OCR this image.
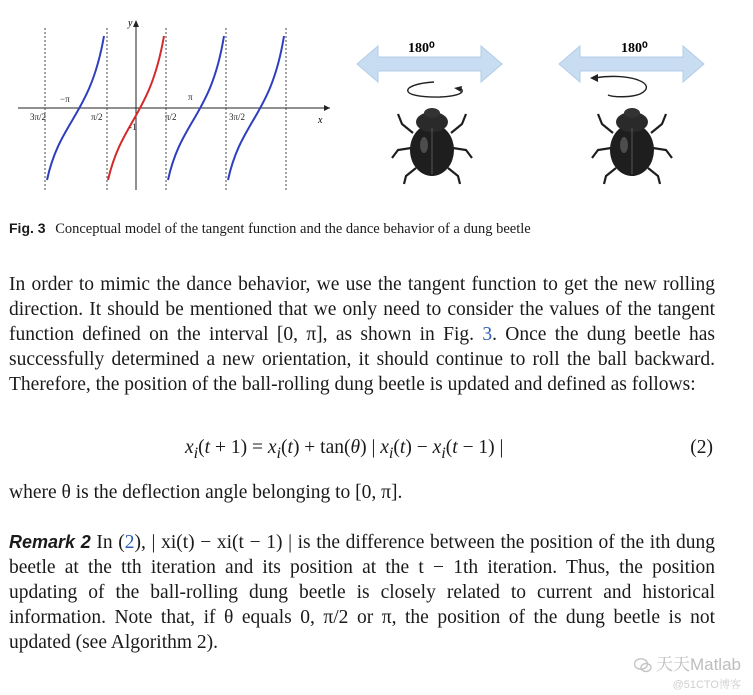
x
y
3π/2
−π
π/2
-1
π
π/2	3π/2
180⁰	180⁰
Fig. 3 Conceptual model of the tangent function and the dance behavior of a dung beetle

In order to mimic the dance behavior, we use the tangent function to get the new rolling direction. It should be mentioned that we only need to consider the values of the tangent function defined on the interval [0, π], as shown in Fig. 3. Once the dung beetle has successfully determined a new orientation, it should continue to roll the ball backward. Therefore, the position of the ball-rolling dung beetle is updated and defined as follows:

$x_i(t + 1) = x_i(t) + \tan(\theta)$ | $x_i(t) - x_i(t - 1)$ |	(2)

where θ is the deflection angle belonging to [0, π].

Remark 2 In (2), | xi(t) − xi(t − 1) | is the difference between the position of the ith dung beetle at the tth iteration and its position at the t − 1th iteration. Thus, the position updating of the ball-rolling dung beetle is closely related to current and historical information. Note that, if θ equals 0, π/2 or π, the position of the dung beetle is not updated (see Algorithm 2).

天天Matlab
@51CTO博客
